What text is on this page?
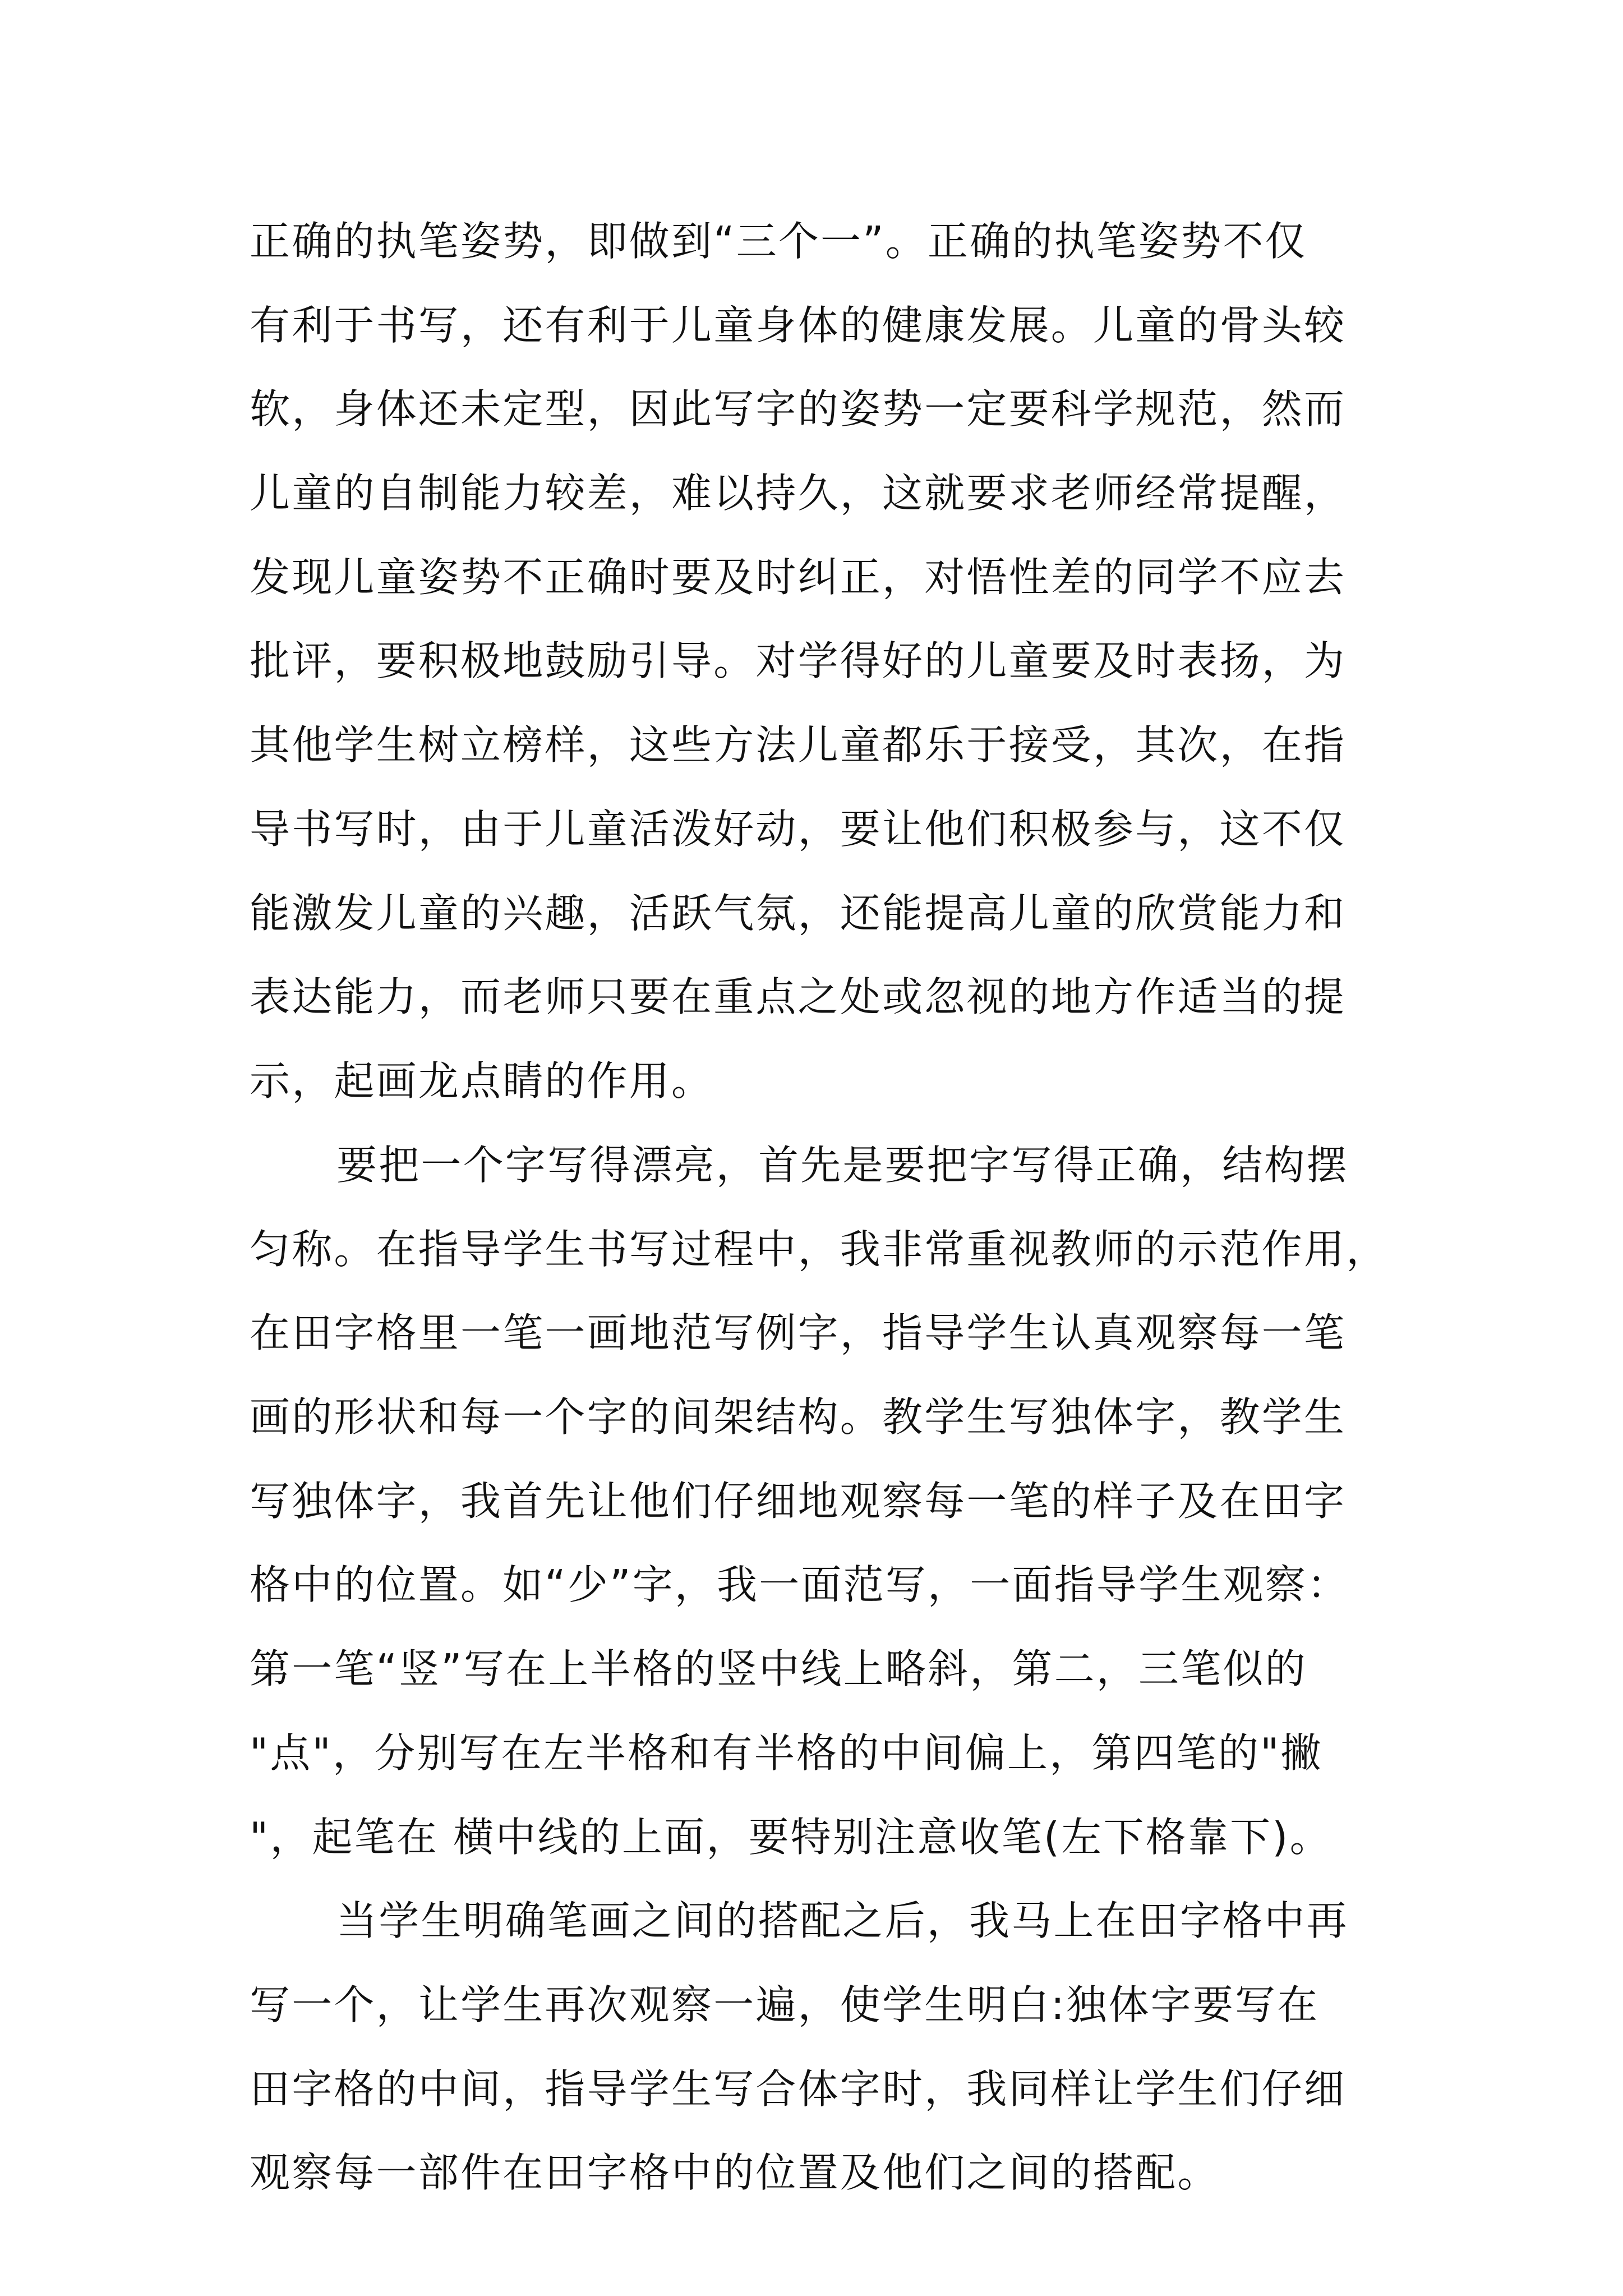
正确的执笔姿势，即做到“三个一”。正确的执笔姿势不仅
有利于书写，还有利于儿童身体的健康发展。儿童的骨头较
软，身体还未定型，因此写字的姿势一定要科学规范，然而
儿童的自制能力较差，难以持久，这就要求老师经常提醒，
发现儿童姿势不正确时要及时纠正，对悟性差的同学不应去
批评，要积极地鼓励引导。对学得好的儿童要及时表扬，为
其他学生树立榜样，这些方法儿童都乐于接受，其次，在指
导书写时，由于儿童活泼好动，要让他们积极参与，这不仅
能激发儿童的兴趣，活跃气氛，还能提高儿童的欣赏能力和
表达能力，而老师只要在重点之处或忽视的地方作适当的提
示，起画龙点睛的作用。
要把一个字写得漂亮，首先是要把字写得正确，结构摆
匀称。在指导学生书写过程中，我非常重视教师的示范作用，
在田字格里一笔一画地范写例字，指导学生认真观察每一笔
画的形状和每一个字的间架结构。教学生写独体字，教学生
写独体字，我首先让他们仔细地观察每一笔的样子及在田字
格中的位置。如“少”字，我一面范写，一面指导学生观察：
第一笔“竖”写在上半格的竖中线上略斜，第二，三笔似的
"点"，分别写在左半格和有半格的中间偏上，第四笔的"撇
"，起笔在 横中线的上面，要特别注意收笔(左下格靠下)。
当学生明确笔画之间的搭配之后，我马上在田字格中再
写一个，让学生再次观察一遍，使学生明白:独体字要写在
田字格的中间，指导学生写合体字时，我同样让学生们仔细
观察每一部件在田字格中的位置及他们之间的搭配。
